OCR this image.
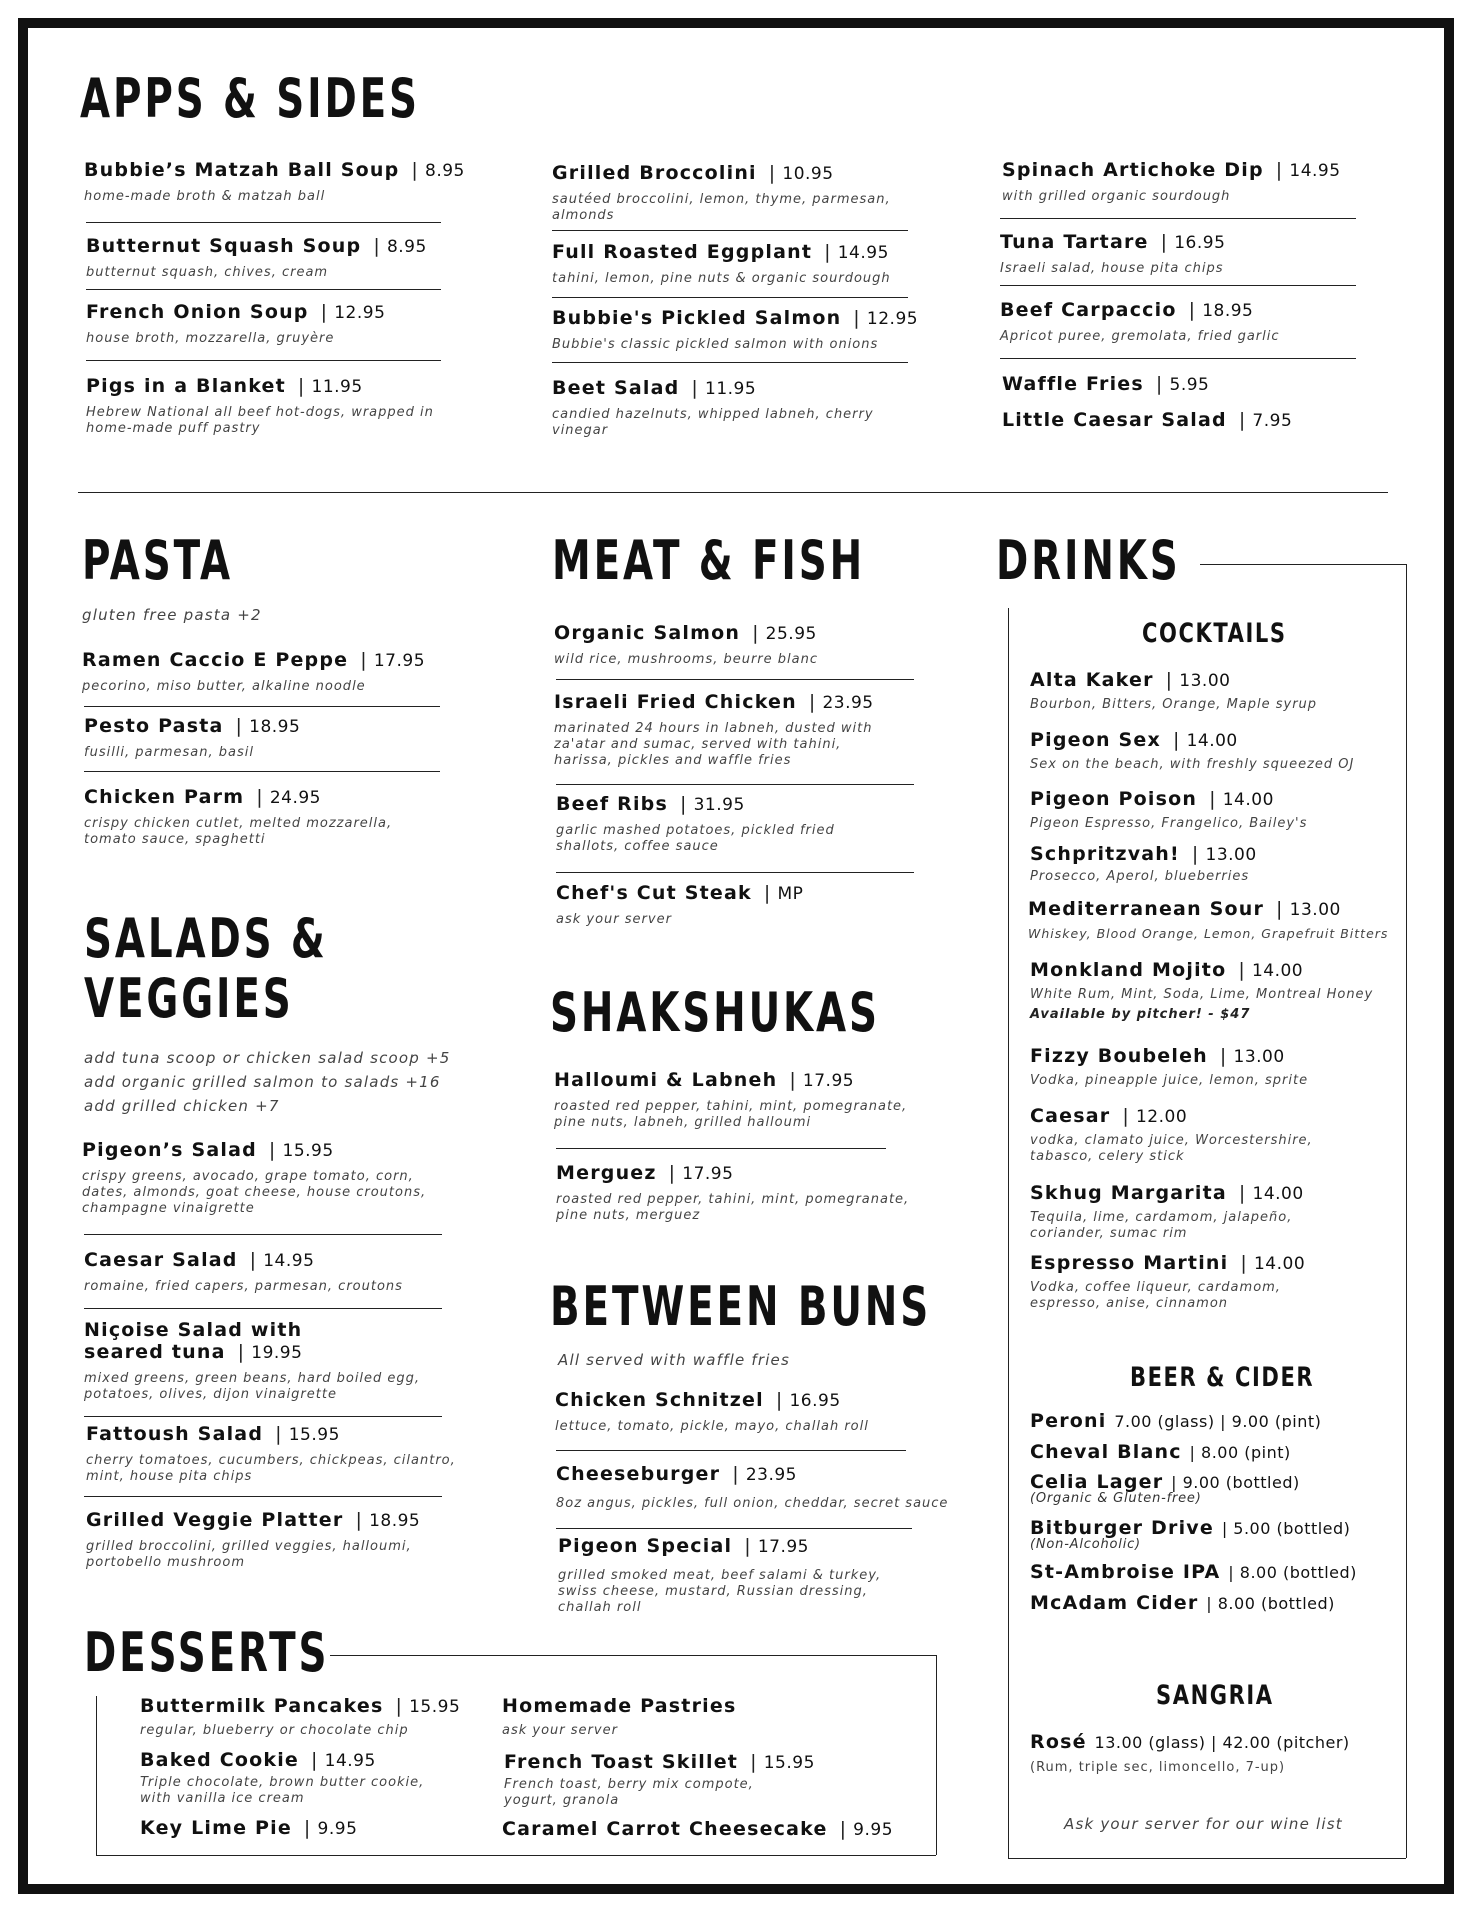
APPS & SIDES
PASTA	MEAT & FISH DRINKS
SALADS &
VEGGIES	SHAKSHUKAS
BETWEEN BUNS
DESSERTS
COCKTAILS
BEER & CIDER
SANGRIA
Bubbie’s Matzah Ball Soup | 8.95
home-made broth & matzah ball
Butternut Squash Soup | 8.95
butternut squash, chives, cream
French Onion Soup | 12.95
house broth, mozzarella, gruyère
Pigs in a Blanket | 11.95
Hebrew National all beef hot-dogs, wrapped in home-made puff pastry
Grilled Broccolini | 10.95
sautéed broccolini, lemon, thyme, parmesan, almonds
Full Roasted Eggplant | 14.95
tahini, lemon, pine nuts & organic sourdough
Bubbie's Pickled Salmon | 12.95
Bubbie's classic pickled salmon with onions
Beet Salad | 11.95
candied hazelnuts, whipped labneh, cherry vinegar
Spinach Artichoke Dip | 14.95
with grilled organic sourdough
Tuna Tartare | 16.95
Israeli salad, house pita chips
Beef Carpaccio | 18.95
Apricot puree, gremolata, fried garlic
Waffle Fries | 5.95
Little Caesar Salad | 7.95
gluten free pasta +2
Ramen Caccio E Peppe | 17.95
pecorino, miso butter, alkaline noodle
Pesto Pasta | 18.95
fusilli, parmesan, basil
Chicken Parm | 24.95
crispy chicken cutlet, melted mozzarella, tomato sauce, spaghetti
Organic Salmon | 25.95
wild rice, mushrooms, beurre blanc
Israeli Fried Chicken | 23.95
marinated 24 hours in labneh, dusted with za'atar and sumac, served with tahini, harissa, pickles and waffle fries
Beef Ribs | 31.95
garlic mashed potatoes, pickled fried shallots, coffee sauce
Chef's Cut Steak | MP
ask your server
add tuna scoop or chicken salad scoop +5
add organic grilled salmon to salads +16
add grilled chicken +7
Pigeon’s Salad | 15.95
crispy greens, avocado, grape tomato, corn, dates, almonds, goat cheese, house croutons, champagne vinaigrette
Caesar Salad | 14.95
romaine, fried capers, parmesan, croutons
Niçoise Salad with seared tuna | 19.95
mixed greens, green beans, hard boiled egg, potatoes, olives, dijon vinaigrette
Fattoush Salad | 15.95
cherry tomatoes, cucumbers, chickpeas, cilantro, mint, house pita chips
Grilled Veggie Platter | 18.95
grilled broccolini, grilled veggies, halloumi, portobello mushroom
Halloumi & Labneh | 17.95
roasted red pepper, tahini, mint, pomegranate, pine nuts, labneh, grilled halloumi
Merguez | 17.95
roasted red pepper, tahini, mint, pomegranate, pine nuts, merguez
All served with waffle fries
Chicken Schnitzel | 16.95
lettuce, tomato, pickle, mayo, challah roll
Cheeseburger | 23.95
8oz angus, pickles, full onion, cheddar, secret sauce
Pigeon Special | 17.95
grilled smoked meat, beef salami & turkey, swiss cheese, mustard, Russian dressing, challah roll
Alta Kaker | 13.00
Bourbon, Bitters, Orange, Maple syrup
Pigeon Sex | 14.00
Sex on the beach, with freshly squeezed OJ
Pigeon Poison | 14.00
Pigeon Espresso, Frangelico, Bailey's
Schpritzvah! | 13.00
Prosecco, Aperol, blueberries
Mediterranean Sour | 13.00
Whiskey, Blood Orange, Lemon, Grapefruit Bitters
Monkland Mojito | 14.00
White Rum, Mint, Soda, Lime, Montreal Honey
Available by pitcher! - $47
Fizzy Boubeleh | 13.00
Vodka, pineapple juice, lemon, sprite
Caesar | 12.00
vodka, clamato juice, Worcestershire, tabasco, celery stick
Skhug Margarita | 14.00
Tequila, lime, cardamom, jalapeño, coriander, sumac rim
Espresso Martini | 14.00
Vodka, coffee liqueur, cardamom, espresso, anise, cinnamon
Peroni 7.00 (glass) | 9.00 (pint)
Cheval Blanc | 8.00 (pint)
Celia Lager | 9.00 (bottled)
(Organic & Gluten-free)
Bitburger Drive | 5.00 (bottled)
(Non-Alcoholic)
St-Ambroise IPA | 8.00 (bottled)
McAdam Cider | 8.00 (bottled)
Rosé 13.00 (glass) | 42.00 (pitcher)
(Rum, triple sec, limoncello, 7-up)
Ask your server for our wine list
Buttermilk Pancakes | 15.95
regular, blueberry or chocolate chip
Baked Cookie | 14.95
Triple chocolate, brown butter cookie, with vanilla ice cream
Key Lime Pie | 9.95
Homemade Pastries
ask your server
French Toast Skillet | 15.95
French toast, berry mix compote, yogurt, granola
Caramel Carrot Cheesecake | 9.95
